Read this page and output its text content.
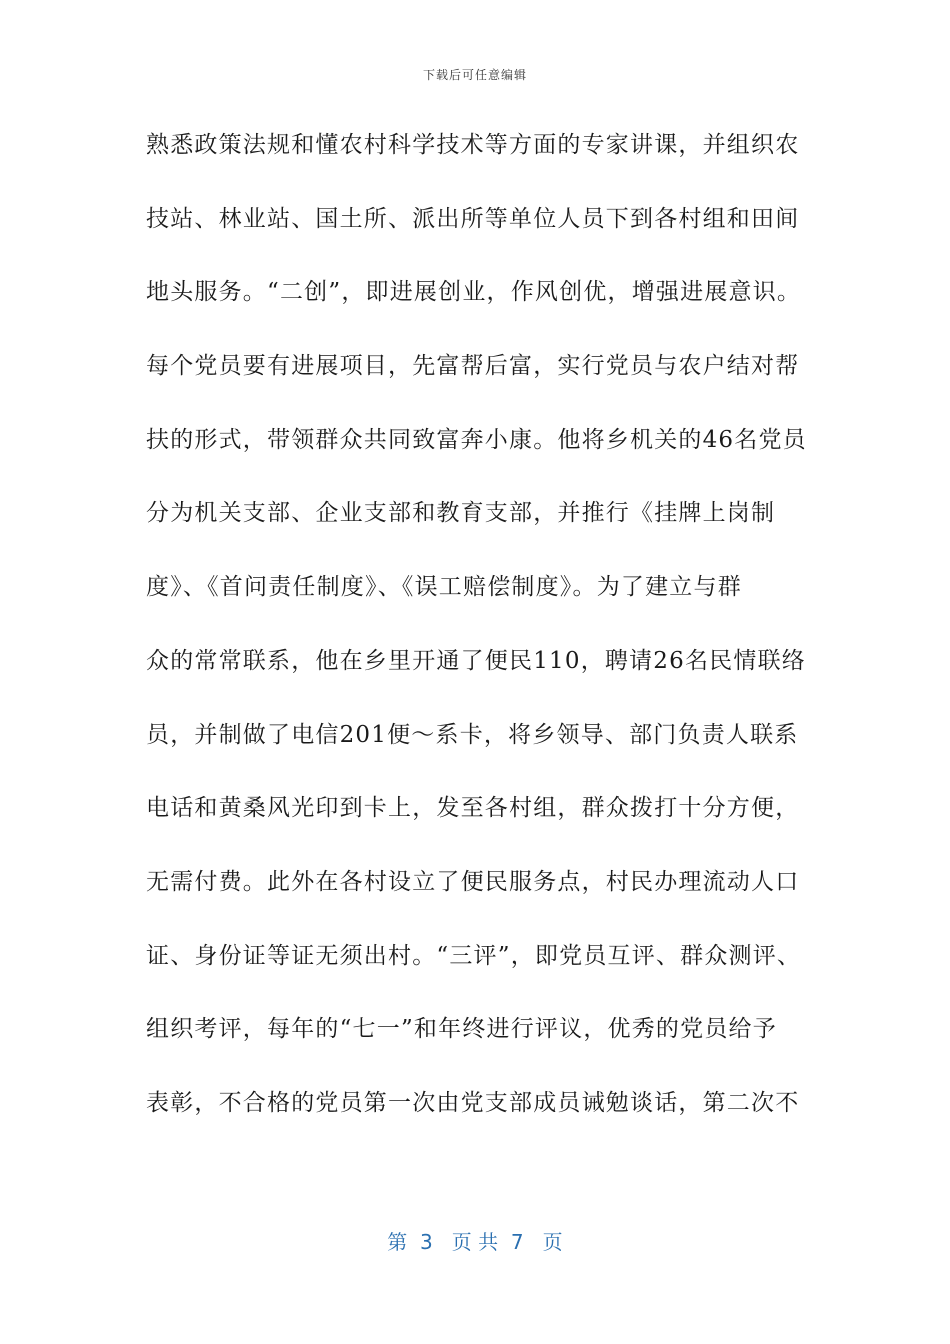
下载后可任意编辑
熟悉政策法规和懂农村科学技术等方面的专家讲课，并组织农
技站、林业站、国土所、派出所等单位人员下到各村组和田间
地头服务。“二创”，即进展创业，作风创优，增强进展意识。
每个党员要有进展项目，先富帮后富，实行党员与农户结对帮
扶的形式，带领群众共同致富奔小康。他将乡机关的46名党员
分为机关支部、企业支部和教育支部，并推行《挂牌上岗制
度》、《首问责任制度》、《误工赔偿制度》。为了建立与群
众的常常联系，他在乡里开通了便民110，聘请26名民情联络
员，并制做了电信201便～系卡，将乡领导、部门负责人联系
电话和黄桑风光印到卡上，发至各村组，群众拨打十分方便，
无需付费。此外在各村设立了便民服务点，村民办理流动人口
证、身份证等证无须出村。“三评”，即党员互评、群众测评、
组织考评，每年的“七一”和年终进行评议，优秀的党员给予
表彰，不合格的党员第一次由党支部成员诫勉谈话，第二次不
第  3   页 共  7   页
